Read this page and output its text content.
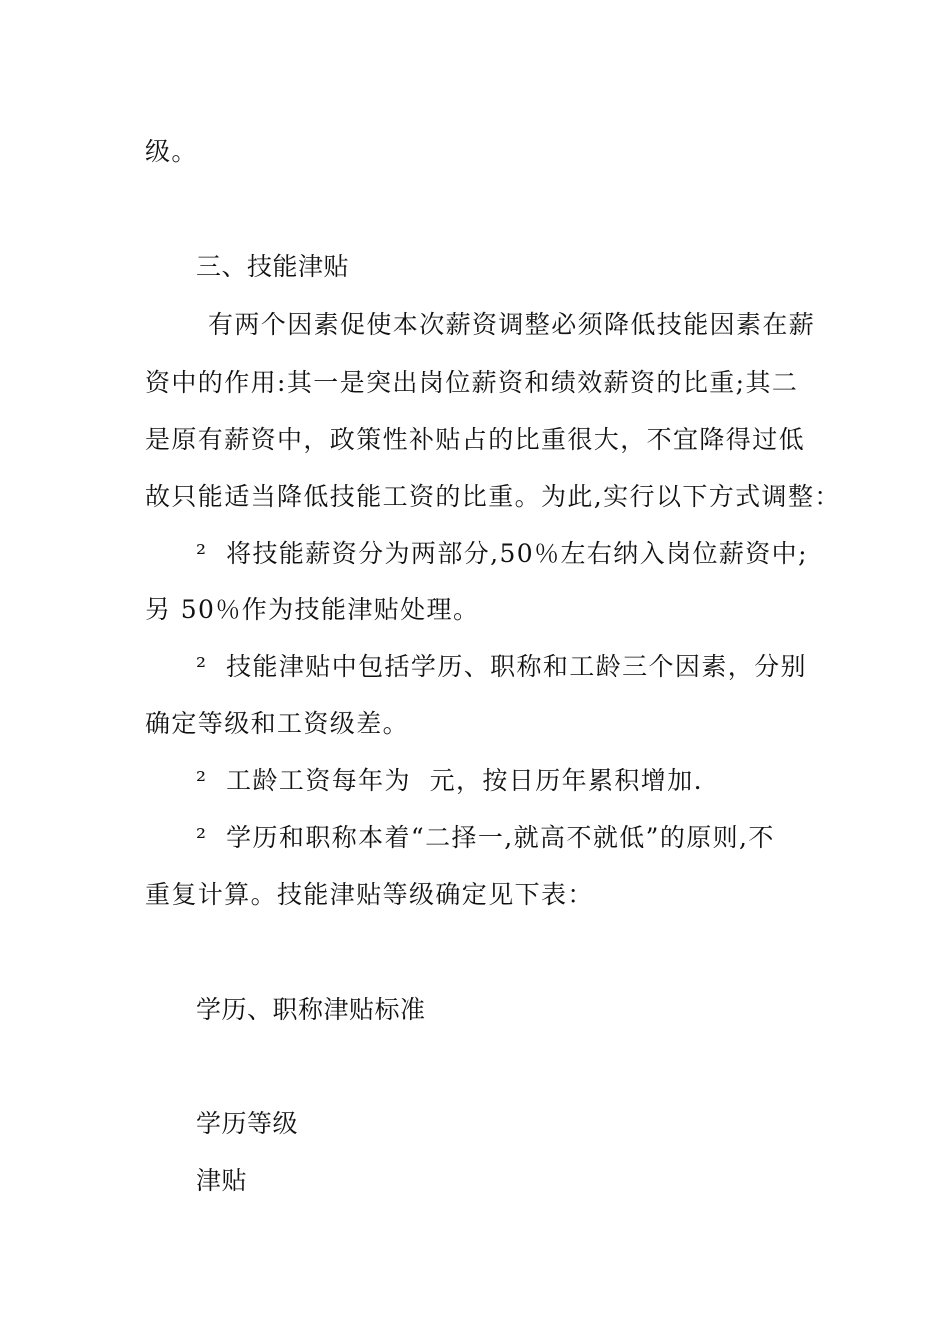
级。
三、技能津贴
有两个因素促使本次薪资调整必须降低技能因素在薪
资中的作用:其一是突出岗位薪资和绩效薪资的比重;其二
是原有薪资中，政策性补贴占的比重很大，不宜降得过低
故只能适当降低技能工资的比重。为此,实行以下方式调整：
²  将技能薪资分为两部分,50％左右纳入岗位薪资中;
另 50％作为技能津贴处理。
²  技能津贴中包括学历、职称和工龄三个因素，分别
确定等级和工资级差。
²  工龄工资每年为  元，按日历年累积增加.
²  学历和职称本着“二择一,就高不就低”的原则,不
重复计算。技能津贴等级确定见下表：
学历、职称津贴标准
学历等级
津贴
